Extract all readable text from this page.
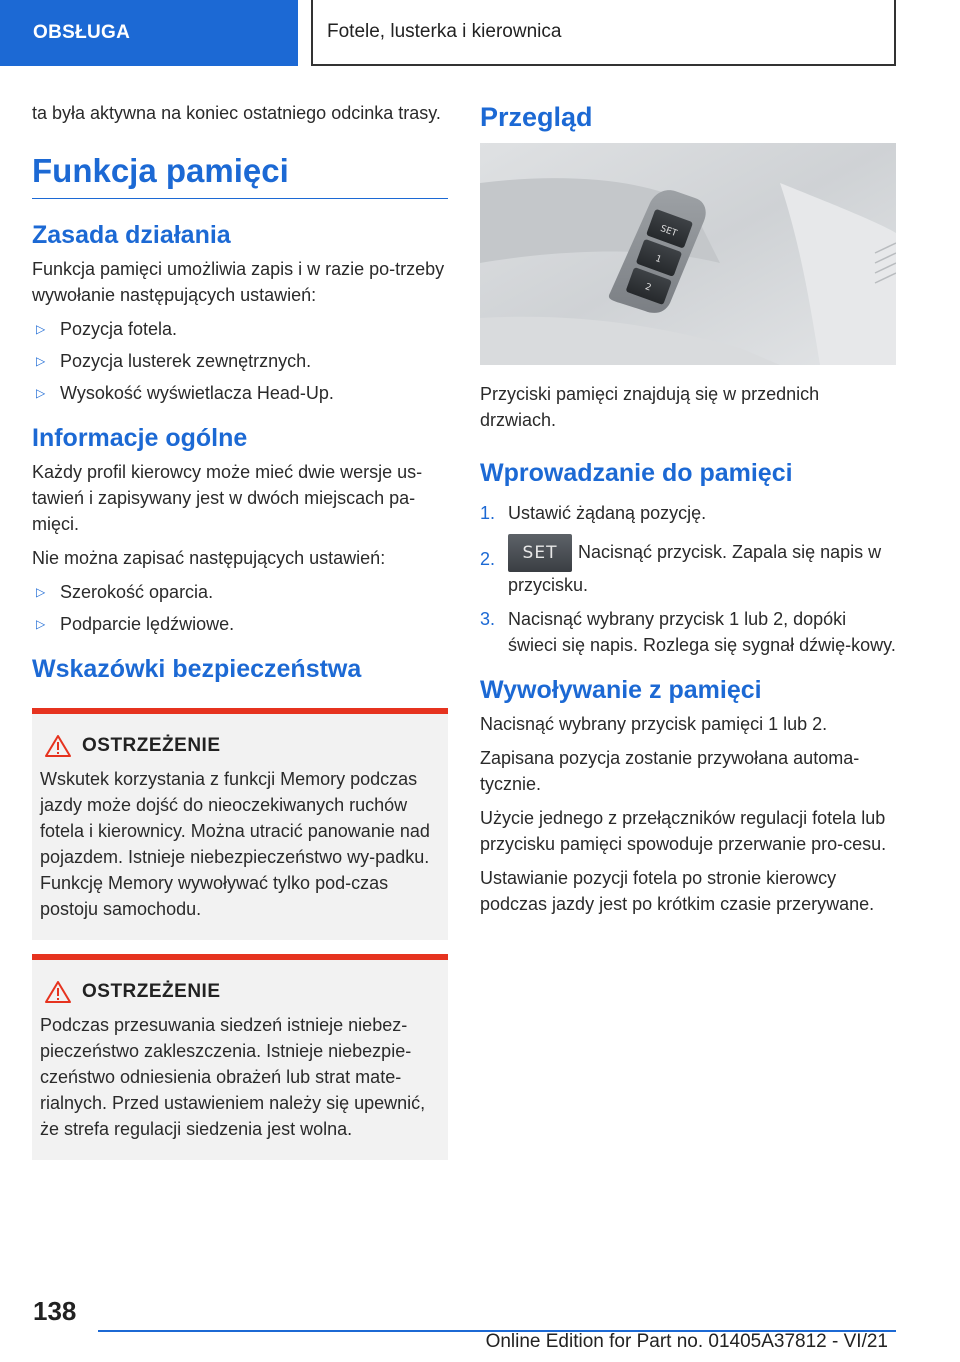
OBSŁUGA	Fotele, lusterka i kierownica

ta była aktywna na koniec ostatniego odcinka trasy.

Funkcja pamięci
Zasada działania

Funkcja pamięci umożliwia zapis i w razie po-trzeby wywołanie następujących ustawień:

▷ Pozycja fotela.
▷ Pozycja lusterek zewnętrznych.
▷ Wysokość wyświetlacza Head-Up.
Informacje ogólne

Każdy profil kierowcy może mieć dwie wersje us-tawień i zapisywany jest w dwóch miejscach pa-mięci.

Nie można zapisać następujących ustawień:

▷ Szerokość oparcia.
▷ Podparcie lędźwiowe.
Wskazówki bezpieczeństwa
OSTRZEŻENIE

Wskutek korzystania z funkcji Memory podczas jazdy może dojść do nieoczekiwanych ruchów fotela i kierownicy. Można utracić panowanie nad pojazdem. Istnieje niebezpieczeństwo wy-padku. Funkcję Memory wywoływać tylko pod-czas postoju samochodu.

OSTRZEŻENIE

Podczas przesuwania siedzeń istnieje niebez-pieczeństwo zakleszczenia. Istnieje niebezpie-czeństwo odniesienia obrażeń lub strat mate-rialnych. Przed ustawieniem należy się upewnić, że strefa regulacji siedzenia jest wolna.

Przegląd
SET
1
2

Przyciski pamięci znajdują się w przednich drzwiach.

Wprowadzanie do pamięci
1. Ustawić żądaną pozycję.
2. SET Nacisnąć przycisk. Zapala się napis w przycisku.
3. Nacisnąć wybrany przycisk 1 lub 2, dopóki świeci się napis. Rozlega się sygnał dźwię-kowy.
Wywoływanie z pamięci

Nacisnąć wybrany przycisk pamięci 1 lub 2.

Zapisana pozycja zostanie przywołana automa-tycznie.

Użycie jednego z przełączników regulacji fotela lub przycisku pamięci spowoduje przerwanie pro-cesu.

Ustawianie pozycji fotela po stronie kierowcy podczas jazdy jest po krótkim czasie przerywane.

138
Online Edition for Part no. 01405A37812 - VI/21
